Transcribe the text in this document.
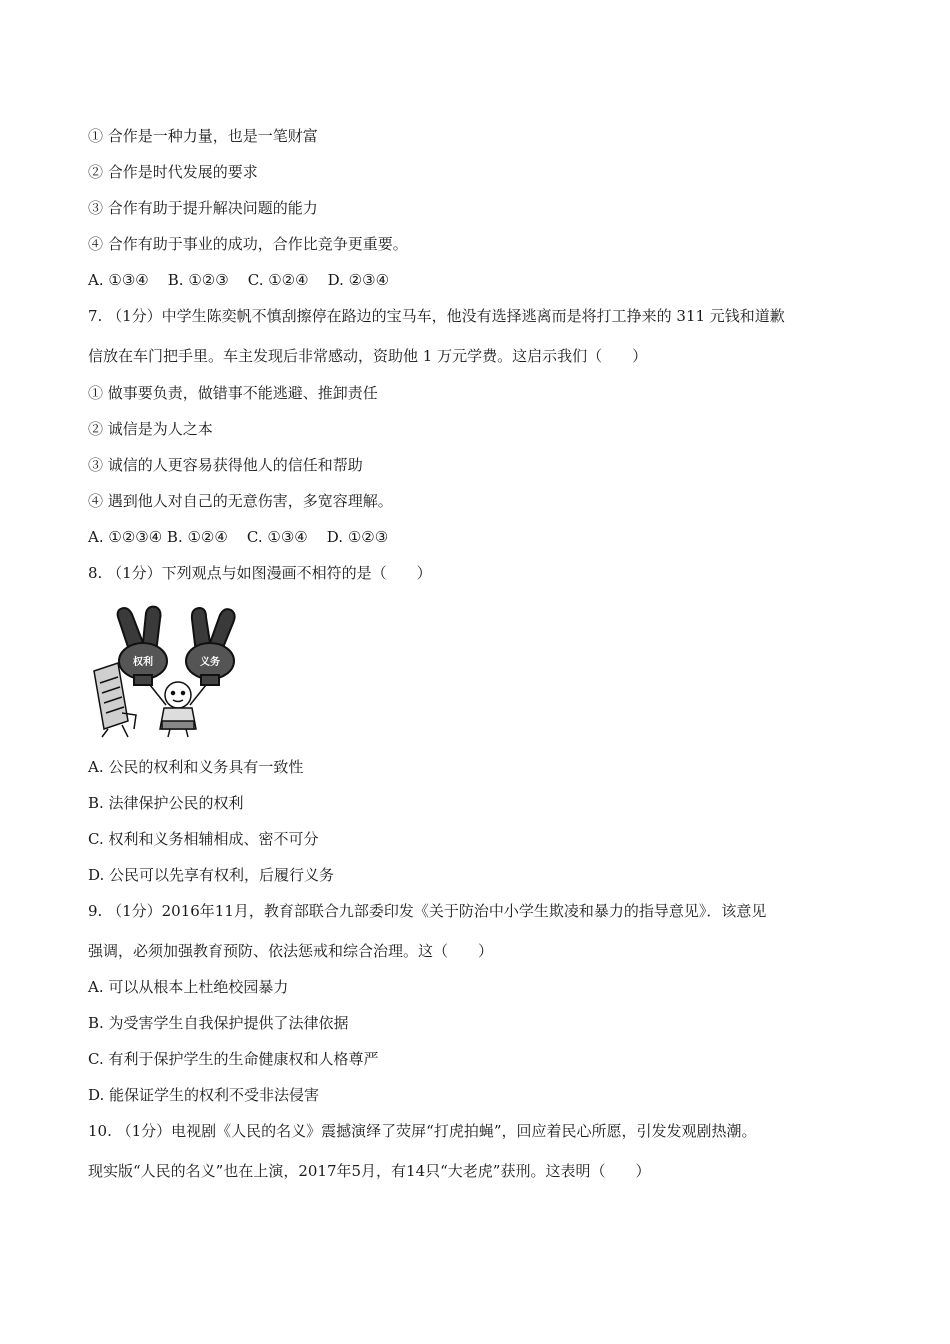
① 合作是一种力量，也是一笔财富
② 合作是时代发展的要求
③ 合作有助于提升解决问题的能力
④ 合作有助于事业的成功，合作比竞争更重要。
A. ①③④    B. ①②③    C. ①②④    D. ②③④
7. （1分）中学生陈奕帆不慎刮擦停在路边的宝马车，他没有选择逃离而是将打工挣来的 311 元钱和道歉
信放在车门把手里。车主发现后非常感动，资助他 1 万元学费。这启示我们（　　）
① 做事要负责，做错事不能逃避、推卸责任
② 诚信是为人之本
③ 诚信的人更容易获得他人的信任和帮助
④ 遇到他人对自己的无意伤害，多宽容理解。
A. ①②③④ B. ①②④    C. ①③④    D. ①②③
8. （1分）下列观点与如图漫画不相符的是（　　）
权利	义务
A. 公民的权利和义务具有一致性
B. 法律保护公民的权利
C. 权利和义务相辅相成、密不可分
D. 公民可以先享有权利，后履行义务
9. （1分）2016年11月，教育部联合九部委印发《关于防治中小学生欺凌和暴力的指导意见》．该意见
强调，必须加强教育预防、依法惩戒和综合治理。这（　　）
A. 可以从根本上杜绝校园暴力
B. 为受害学生自我保护提供了法律依据
C. 有利于保护学生的生命健康权和人格尊严
D. 能保证学生的权利不受非法侵害
10. （1分）电视剧《人民的名义》震撼演绎了荧屏“打虎拍蝇”，回应着民心所愿，引发发观剧热潮。
现实版“人民的名义”也在上演，2017年5月，有14只“大老虎”获刑。这表明（　　）
